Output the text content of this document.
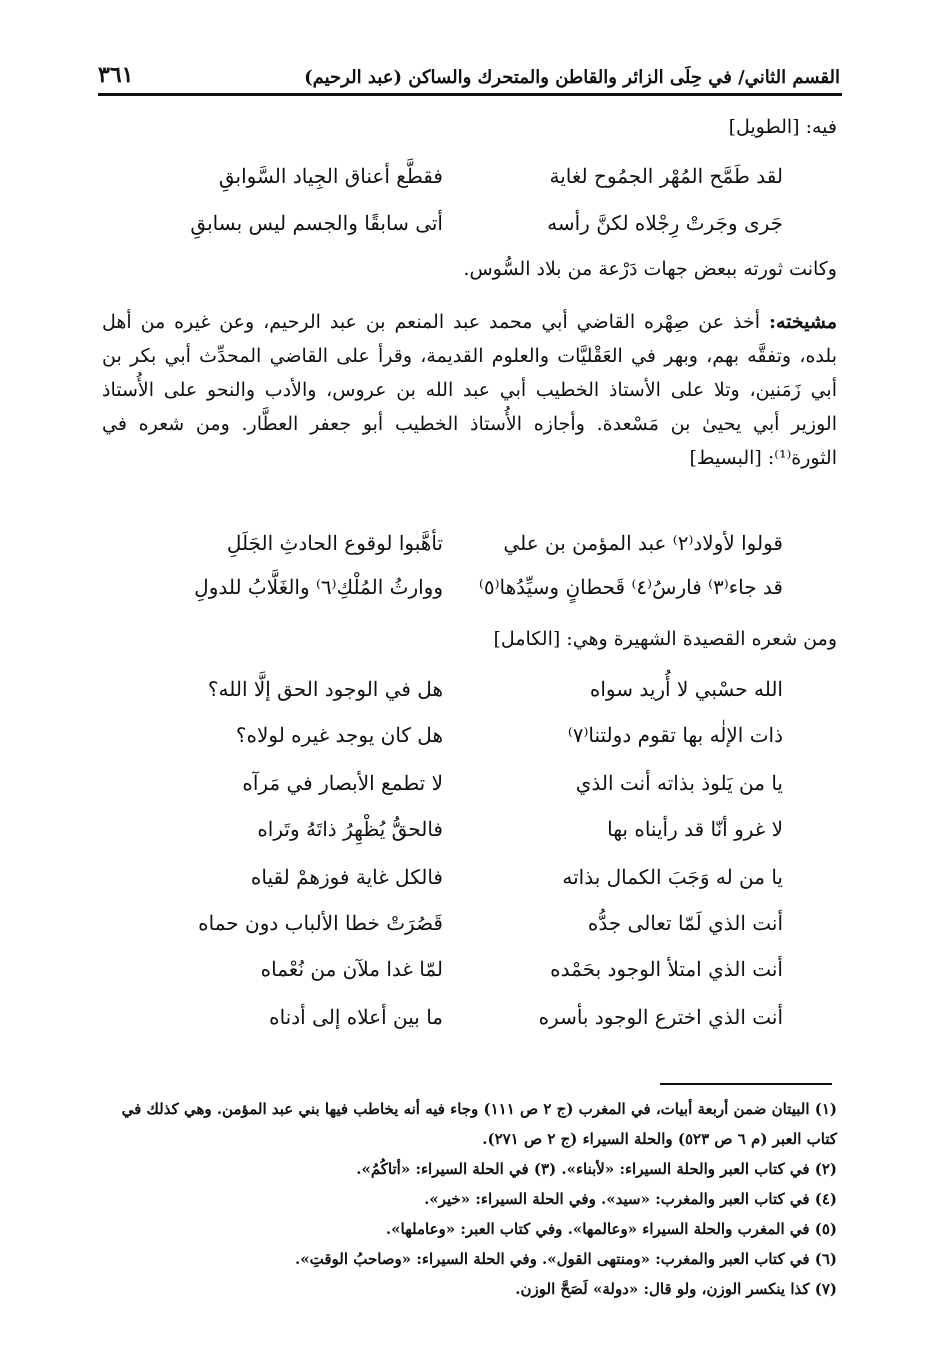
٣٦١	القسم الثاني/ في حِلَى الزائر والقاطن والمتحرك والساكن (عبد الرحيم)
فيه: [الطويل]
لقد طَمَّح المُهْر الجمُوح لغاية
فقطَّع أعناق الجِياد السَّوابقِ
جَرى وجَرتْ رِجْلاه لكنَّ رأسه
أتى سابقًا والجسم ليس بسابقِ
وكانت ثورته ببعض جهات دَرْعة من بلاد السُّوس.
مشيخته: أخذ عن صِهْره القاضي أبي محمد عبد المنعم بن عبد الرحيم، وعن غيره من أهل بلده، وتفقَّه بهم، وبهر في العَقْليَّات والعلوم القديمة، وقرأ على القاضي المحدِّث أبي بكر بن أبي زَمَنين، وتلا على الأستاذ الخطيب أبي عبد الله بن عروس، والأدب والنحو على الأُستاذ الوزير أبي يحيىٰ بن مَسْعدة. وأجازه الأُستاذ الخطيب أبو جعفر العطَّار. ومن شعره في الثورة⁽¹⁾: [البسيط]
قولوا لأولاد⁽٢⁾ عبد المؤمن بن علي
تأهَّبوا لوقوع الحادثِ الجَلَلِ
قد جاء⁽٣⁾ فارسُ⁽٤⁾ قَحطانٍ وسيِّدُها⁽٥⁾
ووارثُ المُلْكِ⁽٦⁾ والغَلَّابُ للدولِ
ومن شعره القصيدة الشهيرة وهي: [الكامل]
الله حسْبي لا أُريد سواه
هل في الوجود الحق إلَّا الله؟
ذات الإلٰه بها تقوم دولتنا⁽٧⁾
هل كان يوجد غيره لولاه؟
يا من يَلوذ بذاته أنت الذي
لا تطمع الأبصار في مَرآه
لا غرو أنّا قد رأيناه بها
فالحقُّ يُظْهِرُ ذاتَهُ وتَراه
يا من له وَجَبَ الكمال بذاته
فالكل غاية فوزهمْ لقياه
أنت الذي لَمّا تعالى جدُّه
قَصُرَتْ خطا الألباب دون حماه
أنت الذي امتلأ الوجود بحَمْده
لمّا غدا ملآن من نُعْماه
أنت الذي اخترع الوجود بأسره
ما بين أعلاه إلى أدناه
(١) البيتان ضمن أربعة أبيات، في المغرب (ج ٢ ص ١١١) وجاء فيه أنه يخاطب فيها بني عبد المؤمن. وهي كذلك في كتاب العبر (م ٦ ص ٥٢٣) والحلة السيراء (ج ٢ ص ٢٧١).
(٢) في كتاب العبر والحلة السيراء: «لأبناء». (٣) في الحلة السيراء: «أتاكُمُ».
(٤) في كتاب العبر والمغرب: «سيد». وفي الحلة السيراء: «خير».
(٥) في المغرب والحلة السيراء «وعالمها». وفي كتاب العبر: «وعاملها».
(٦) في كتاب العبر والمغرب: «ومنتهى القول». وفي الحلة السيراء: «وصاحبُ الوقتِ».
(٧) كذا ينكسر الوزن، ولو قال: «دولة» لَصَحَّ الوزن.
